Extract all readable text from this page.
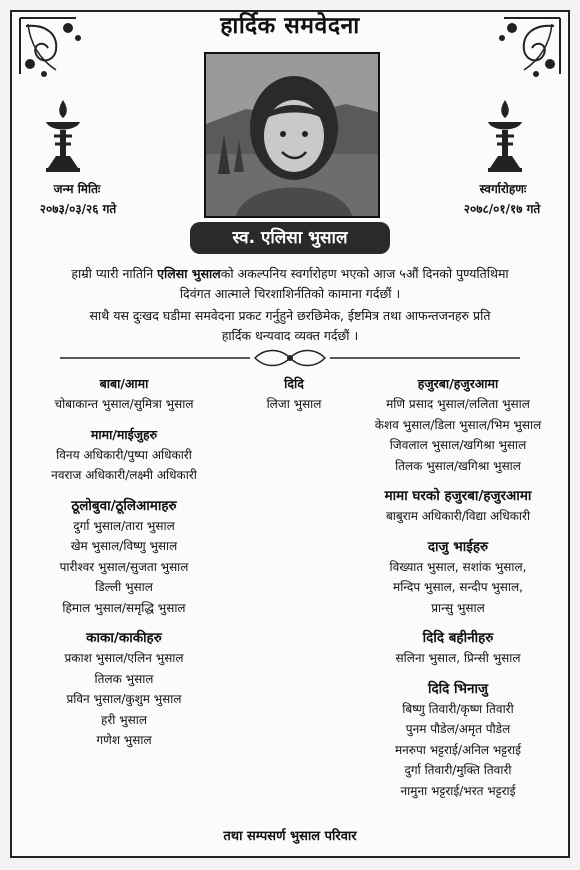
हार्दिक समवेदना
जन्म मितिः
२०७३/०३/२६ गते
स्वर्गारोहणः
२०७८/०१/१७ गते
स्व. एलिसा भुसाल
हाम्री प्यारी नातिनि एलिसा भुसालको अकल्पनिय स्वर्गारोहण भएको आज ५औं दिनको पुण्यतिथिमा
दिवंगत आत्माले चिरशाशिर्नतिको कामाना गर्दछौं ।
साथै यस दुःखद घडीमा समवेदना प्रकट गर्नुहुने छरछिमेक, ईष्टमित्र तथा आफन्तजनहरु प्रति
हार्दिक धन्यवाद व्यक्त गर्दछौं ।
बाबा/आमा
चोबाकान्त भुसाल/सुमित्रा भुसाल
मामा/माईजुहरु
विनय अधिकारी/पुष्पा अधिकारी
नवराज अधिकारी/लक्ष्मी अधिकारी
ठूलोबुवा/ठूलिआमाहरु
दुर्गा भुसाल/तारा भुसाल
खेम भुसाल/विष्णु भुसाल
पारीश्वर भुसाल/सुजता भुसाल
डिल्ली भुसाल
हिमाल भुसाल/समृद्धि भुसाल
काका/काकीहरु
प्रकाश भुसाल/एलिन भुसाल
तिलक भुसाल
प्रविन भुसाल/कुशुम भुसाल
हरी भुसाल
गणेश भुसाल
दिदि
लिजा भुसाल
हजुरबा/हजुरआमा
मणि प्रसाद भुसाल/ललिता भुसाल
केशव भुसाल/डिला भुसाल/भिम भुसाल
जिवलाल भुसाल/खगिश्रा भुसाल
तिलक भुसाल/खगिश्रा भुसाल
मामा घरको हजुरबा/हजुरआमा
बाबुराम अधिकारी/विद्या अधिकारी
दाजु भाईहरु
विख्यात भुसाल, सशांक भुसाल,
मन्दिप भुसाल, सन्दीप भुसाल,
प्रान्सु भुसाल
दिदि बहीनीहरु
सलिना भुसाल, प्रिन्सी भुसाल
दिदि भिनाजु
बिष्णु तिवारी/कृष्ण तिवारी
पुनम पौडेल/अमृत पौडेल
मनरुपा भट्टराई/अनिल भट्टराई
दुर्गा तिवारी/मुक्ति तिवारी
नामुना भट्टराई/भरत भट्टराई
तथा सम्पसर्ण भुसाल परिवार
